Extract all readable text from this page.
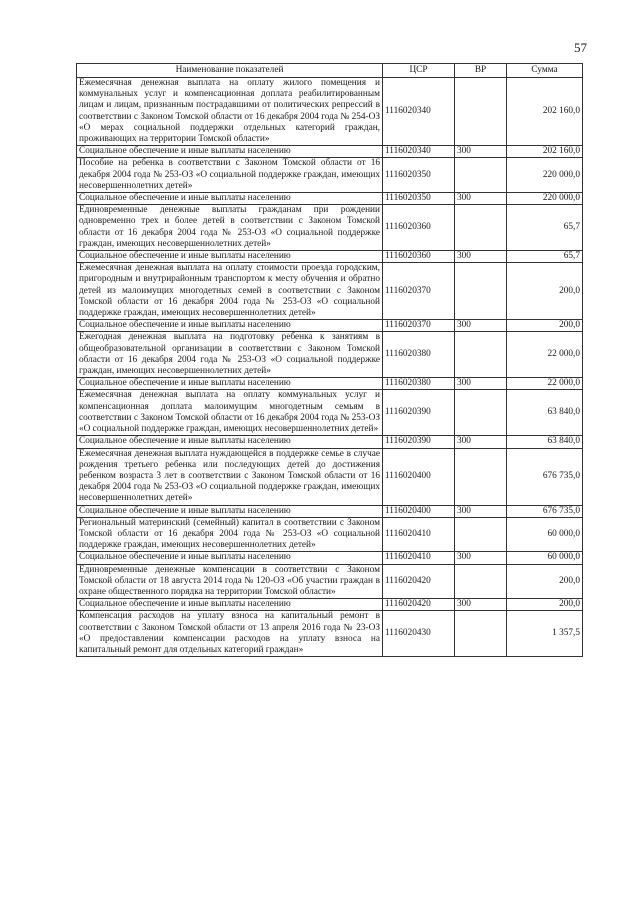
57
Наименование показателей	ЦСР	ВР	Сумма
Ежемесячная денежная выплата на оплату жилого помещения и коммунальных услуг и компенсационная доплата реабилитированным лицам и лицам, признанным пострадавшими от политических репрессий в соответствии с Законом Томской области от 16 декабря 2004 года № 254-ОЗ «О мерах социальной поддержки отдельных категорий граждан, проживающих на территории Томской области»	1116020340		202 160,0
Социальное обеспечение и иные выплаты населению	1116020340	300	202 160,0
Пособие на ребенка в соответствии с Законом Томской области от 16 декабря 2004 года № 253-ОЗ «О социальной поддержке граждан, имеющих несовершеннолетних детей»	1116020350		220 000,0
Социальное обеспечение и иные выплаты населению	1116020350	300	220 000,0
Единовременные денежные выплаты гражданам при рождении одновременно трех и более детей в соответствии с Законом Томской области от 16 декабря 2004 года № 253-ОЗ «О социальной поддержке граждан, имеющих несовершеннолетних детей»	1116020360		65,7
Социальное обеспечение и иные выплаты населению	1116020360	300	65,7
Ежемесячная денежная выплата на оплату стоимости проезда городским, пригородным и внутрирайонным транспортом к месту обучения и обратно детей из малоимущих многодетных семей в соответствии с Законом Томской области от 16 декабря 2004 года № 253-ОЗ «О социальной поддержке граждан, имеющих несовершеннолетних детей»	1116020370		200,0
Социальное обеспечение и иные выплаты населению	1116020370	300	200,0
Ежегодная денежная выплата на подготовку ребенка к занятиям в общеобразовательной организации в соответствии с Законом Томской области от 16 декабря 2004 года № 253-ОЗ «О социальной поддержке граждан, имеющих несовершеннолетних детей»	1116020380		22 000,0
Социальное обеспечение и иные выплаты населению	1116020380	300	22 000,0
Ежемесячная денежная выплата на оплату коммунальных услуг и компенсационная доплата малоимущим многодетным семьям в соответствии с Законом Томской области от 16 декабря 2004 года № 253-ОЗ «О социальной поддержке граждан, имеющих несовершеннолетних детей»	1116020390		63 840,0
Социальное обеспечение и иные выплаты населению	1116020390	300	63 840,0
Ежемесячная денежная выплата нуждающейся в поддержке семье в случае рождения третьего ребенка или последующих детей до достижения ребенком возраста 3 лет в соответствии с Законом Томской области от 16 декабря 2004 года № 253-ОЗ «О социальной поддержке граждан, имеющих несовершеннолетних детей»	1116020400		676 735,0
Социальное обеспечение и иные выплаты населению	1116020400	300	676 735,0
Региональный материнский (семейный) капитал в соответствии с Законом Томской области от 16 декабря 2004 года № 253-ОЗ «О социальной поддержке граждан, имеющих несовершеннолетних детей»	1116020410		60 000,0
Социальное обеспечение и иные выплаты населению	1116020410	300	60 000,0
Единовременные денежные компенсации в соответствии с Законом Томской области от 18 августа 2014 года № 120-ОЗ «Об участии граждан в охране общественного порядка на территории Томской области»	1116020420		200,0
Социальное обеспечение и иные выплаты населению	1116020420	300	200,0
Компенсация расходов на уплату взноса на капитальный ремонт в соответствии с Законом Томской области от 13 апреля 2016 года № 23-ОЗ «О предоставлении компенсации расходов на уплату взноса на капитальный ремонт для отдельных категорий граждан»	1116020430		1 357,5
